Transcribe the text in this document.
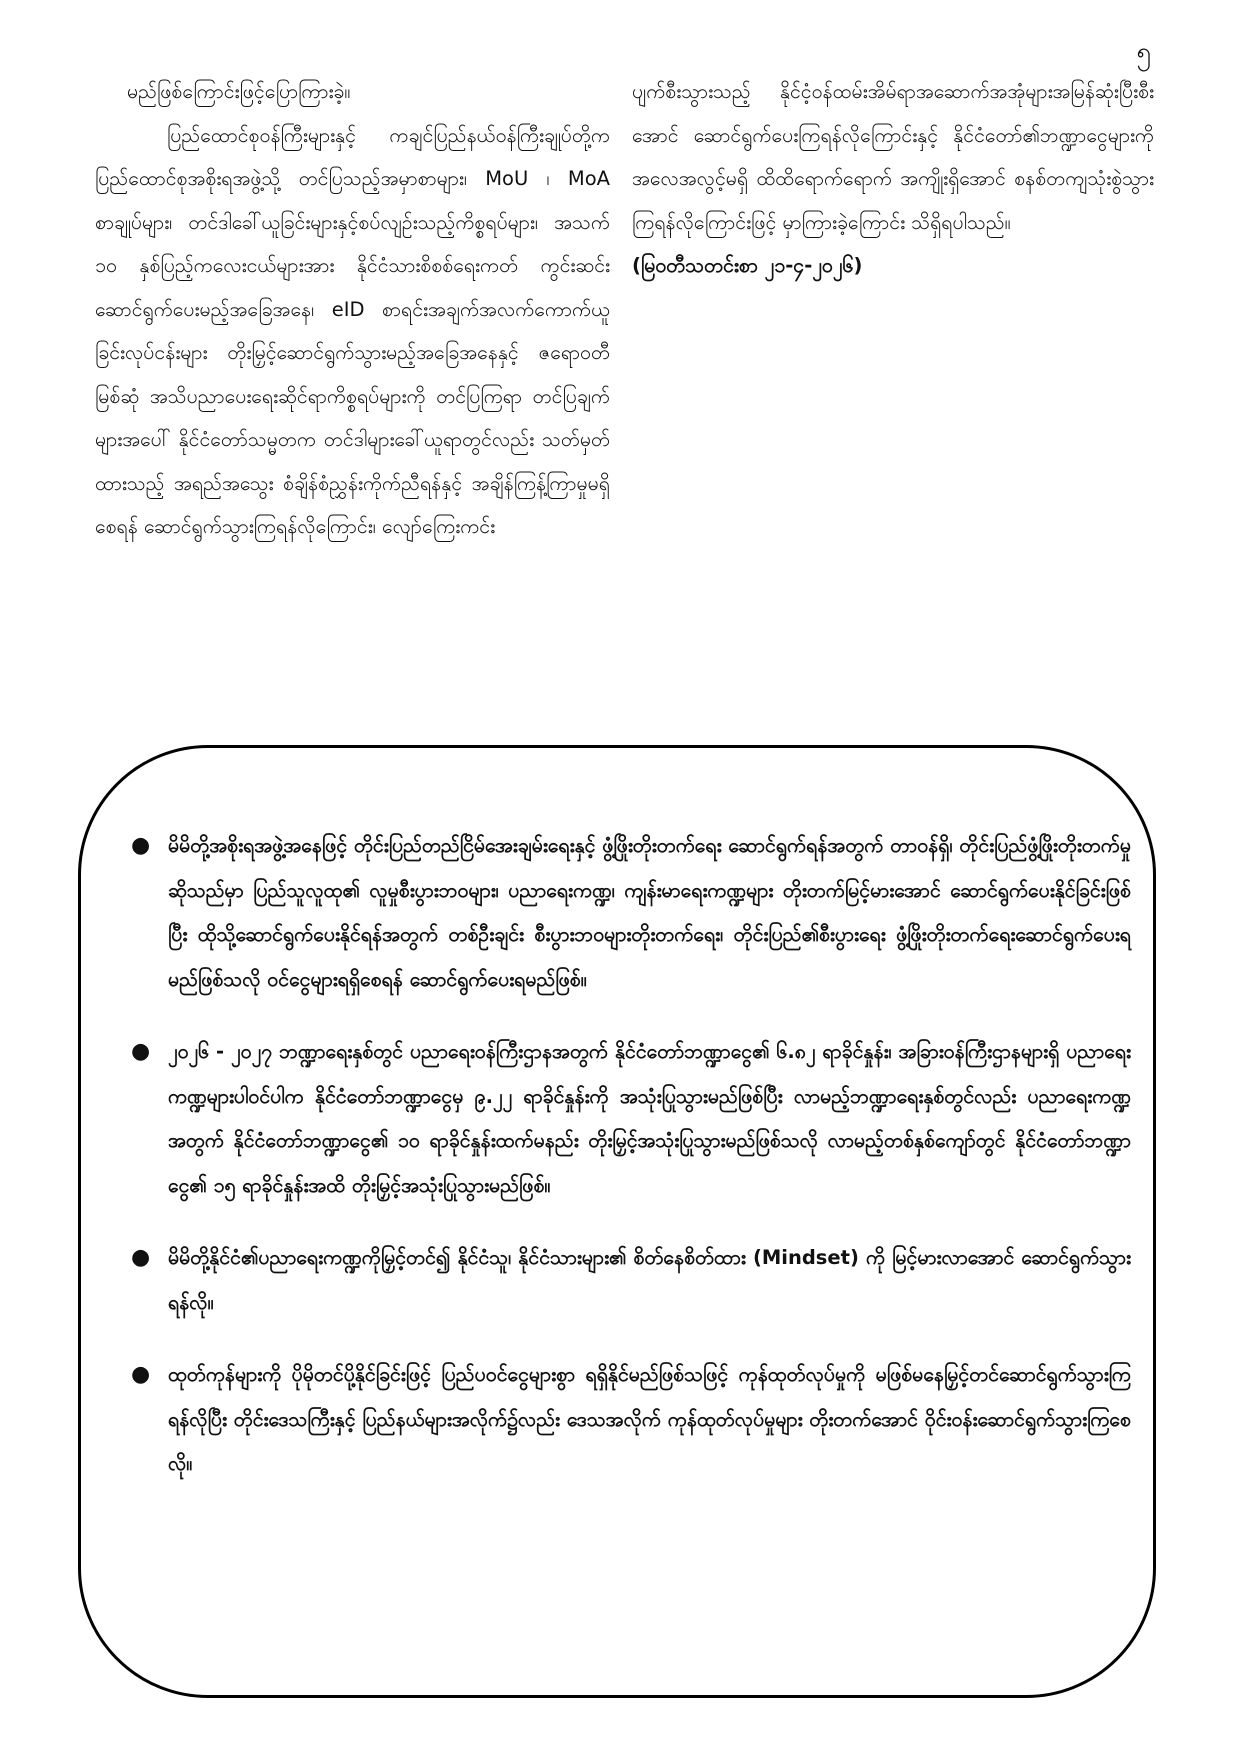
၅

မည်ဖြစ်ကြောင်းဖြင့်ပြောကြားခဲ့။

ပြည်ထောင်စုဝန်ကြီးများနှင့် ကချင်ပြည်နယ်ဝန်ကြီးချုပ်တို့က ပြည်ထောင်စုအစိုးရအဖွဲ့သို့ တင်ပြသည့်အမှာစာများ၊ MoU ၊ MoA စာချုပ်များ၊ တင်ဒါခေါ်ယူခြင်းများနှင့်စပ်လျဉ်းသည့်ကိစ္စရပ်များ၊ အသက် ၁၀ နှစ်ပြည့်ကလေးငယ်များအား နိုင်ငံသားစိစစ်ရေးကတ် ကွင်းဆင်းဆောင်ရွက်ပေးမည့်အခြေအနေ၊ eID စာရင်းအချက်အလက်ကောက်ယူခြင်းလုပ်ငန်းများ တိုးမြှင့်ဆောင်ရွက်သွားမည့်အခြေအနေနှင့် ဇရောဝတီမြစ်ဆုံ အသိပညာပေးရေးဆိုင်ရာကိစ္စရပ်များကို တင်ပြကြရာ တင်ပြချက်များအပေါ် နိုင်ငံတော်သမ္မတက တင်ဒါများခေါ်ယူရာတွင်လည်း သတ်မှတ်ထားသည့် အရည်အသွေး စံချိန်စံညွှန်းကိုက်ညီရန်နှင့် အချိန်ကြန့်ကြာမှုမရှိစေရန် ဆောင်ရွက်သွားကြရန်လိုကြောင်း၊ လျော်ကြေးကင်း

ပျက်စီးသွားသည့် နိုင်ငံ့ဝန်ထမ်းအိမ်ရာအဆောက်အအုံများအမြန်ဆုံးပြီးစီးအောင် ဆောင်ရွက်ပေးကြရန်လိုကြောင်းနှင့် နိုင်ငံတော်၏ဘဏ္ဍာငွေများကို အလေအလွင့်မရှိ ထိထိရောက်ရောက် အကျိုးရှိအောင် စနစ်တကျသုံးစွဲသွားကြရန်လိုကြောင်းဖြင့် မှာကြားခဲ့ကြောင်း သိရှိရပါသည်။

(မြဝတီသတင်းစာ ၂၁-၄-၂၀၂၆)

● မိမိတို့အစိုးရအဖွဲ့အနေဖြင့် တိုင်းပြည်တည်ငြိမ်အေးချမ်းရေးနှင့် ဖွံ့ဖြိုးတိုးတက်ရေး ဆောင်ရွက်ရန်အတွက် တာဝန်ရှိ၊ တိုင်းပြည်ဖွံ့ဖြိုးတိုးတက်မှုဆိုသည်မှာ ပြည်သူလူထု၏ လူမှုစီးပွားဘဝများ၊ ပညာရေးကဏ္ဍ၊ ကျန်းမာရေးကဏ္ဍများ တိုးတက်မြင့်မားအောင် ဆောင်ရွက်ပေးနိုင်ခြင်းဖြစ်ပြီး ထိုသို့ဆောင်ရွက်ပေးနိုင်ရန်အတွက် တစ်ဦးချင်း စီးပွားဘဝများတိုးတက်ရေး၊ တိုင်းပြည်၏စီးပွားရေး ဖွံ့ဖြိုးတိုးတက်ရေးဆောင်ရွက်ပေးရမည်ဖြစ်သလို ဝင်ငွေများရရှိစေရန် ဆောင်ရွက်ပေးရမည်ဖြစ်။
● ၂၀၂၆ - ၂၀၂၇ ဘဏ္ဍာရေးနှစ်တွင် ပညာရေးဝန်ကြီးဌာနအတွက် နိုင်ငံတော်ဘဏ္ဍာငွေ၏ ၆.၈၂ ရာခိုင်နှုန်း၊ အခြားဝန်ကြီးဌာနများရှိ ပညာရေးကဏ္ဍများပါဝင်ပါက နိုင်ငံတော်ဘဏ္ဍာငွေမှ ၉.၂၂ ရာခိုင်နှုန်းကို အသုံးပြုသွားမည်ဖြစ်ပြီး လာမည့်ဘဏ္ဍာရေးနှစ်တွင်လည်း ပညာရေးကဏ္ဍအတွက် နိုင်ငံတော်ဘဏ္ဍာငွေ၏ ၁၀ ရာခိုင်နှုန်းထက်မနည်း တိုးမြှင့်အသုံးပြုသွားမည်ဖြစ်သလို လာမည့်တစ်နှစ်ကျော်တွင် နိုင်ငံတော်ဘဏ္ဍာငွေ၏ ၁၅ ရာခိုင်နှုန်းအထိ တိုးမြှင့်အသုံးပြုသွားမည်ဖြစ်။
● မိမိတို့နိုင်ငံ၏ပညာရေးကဏ္ဍကိုမြှင့်တင်၍ နိုင်ငံသူ၊ နိုင်ငံသားများ၏ စိတ်နေစိတ်ထား (Mindset) ကို မြင့်မားလာအောင် ဆောင်ရွက်သွားရန်လို။
● ထုတ်ကုန်များကို ပိုမိုတင်ပို့နိုင်ခြင်းဖြင့် ပြည်ပဝင်ငွေများစွာ ရရှိနိုင်မည်ဖြစ်သဖြင့် ကုန်ထုတ်လုပ်မှုကို မဖြစ်မနေမြှင့်တင်ဆောင်ရွက်သွားကြရန်လိုပြီး တိုင်းဒေသကြီးနှင့် ပြည်နယ်များအလိုက်၌လည်း ဒေသအလိုက် ကုန်ထုတ်လုပ်မှုများ တိုးတက်အောင် ဝိုင်းဝန်းဆောင်ရွက်သွားကြစေလို။
